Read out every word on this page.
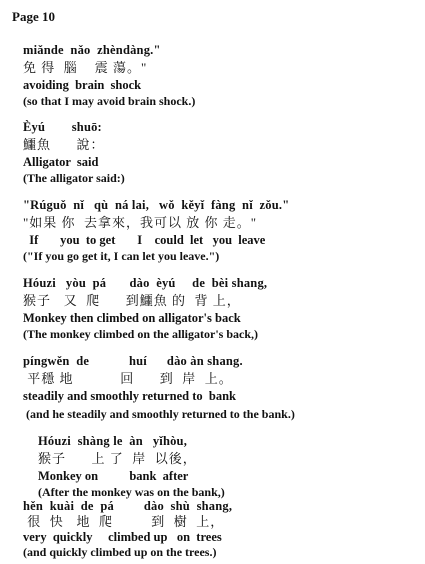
Page 10
miǎnde  nǎo  zhèndàng."
免 得  腦    震 蕩。"
avoiding  brain  shock
(so that I may avoid brain shock.)
Èyú        shuō:
鱷魚      說：
Alligator  said
(The alligator said:)
"Rúguǒ  nǐ   qù  ná lai,   wǒ  kěyǐ  fàng  nǐ  zǒu."
"如果 你  去拿來，我可以 放 你 走。"
If       you  to get       I    could  let   you  leave
("If you go get it, I can let you leave.")
Hóuzi   yòu  pá       dào  èyú     de  bèi shang,
猴子   又  爬      到鱷魚 的  背 上，
Monkey then climbed on alligator's back
(The monkey climbed on the alligator's back,)
píngwěn  de            huí      dào àn shang.
平穩 地           回      到  岸  上。
steadily and smoothly returned to  bank
(and he steadily and smoothly returned to the bank.)
Hóuzi  shàng le  àn   yǐhòu,
猴子      上 了  岸  以後，
Monkey on          bank  after
(After the monkey was on the bank,)
hěn  kuài  de  pá         dào  shù  shang,
很  快   地  爬         到  樹  上，
very  quickly     climbed up   on  trees
(and quickly climbed up on the trees.)
